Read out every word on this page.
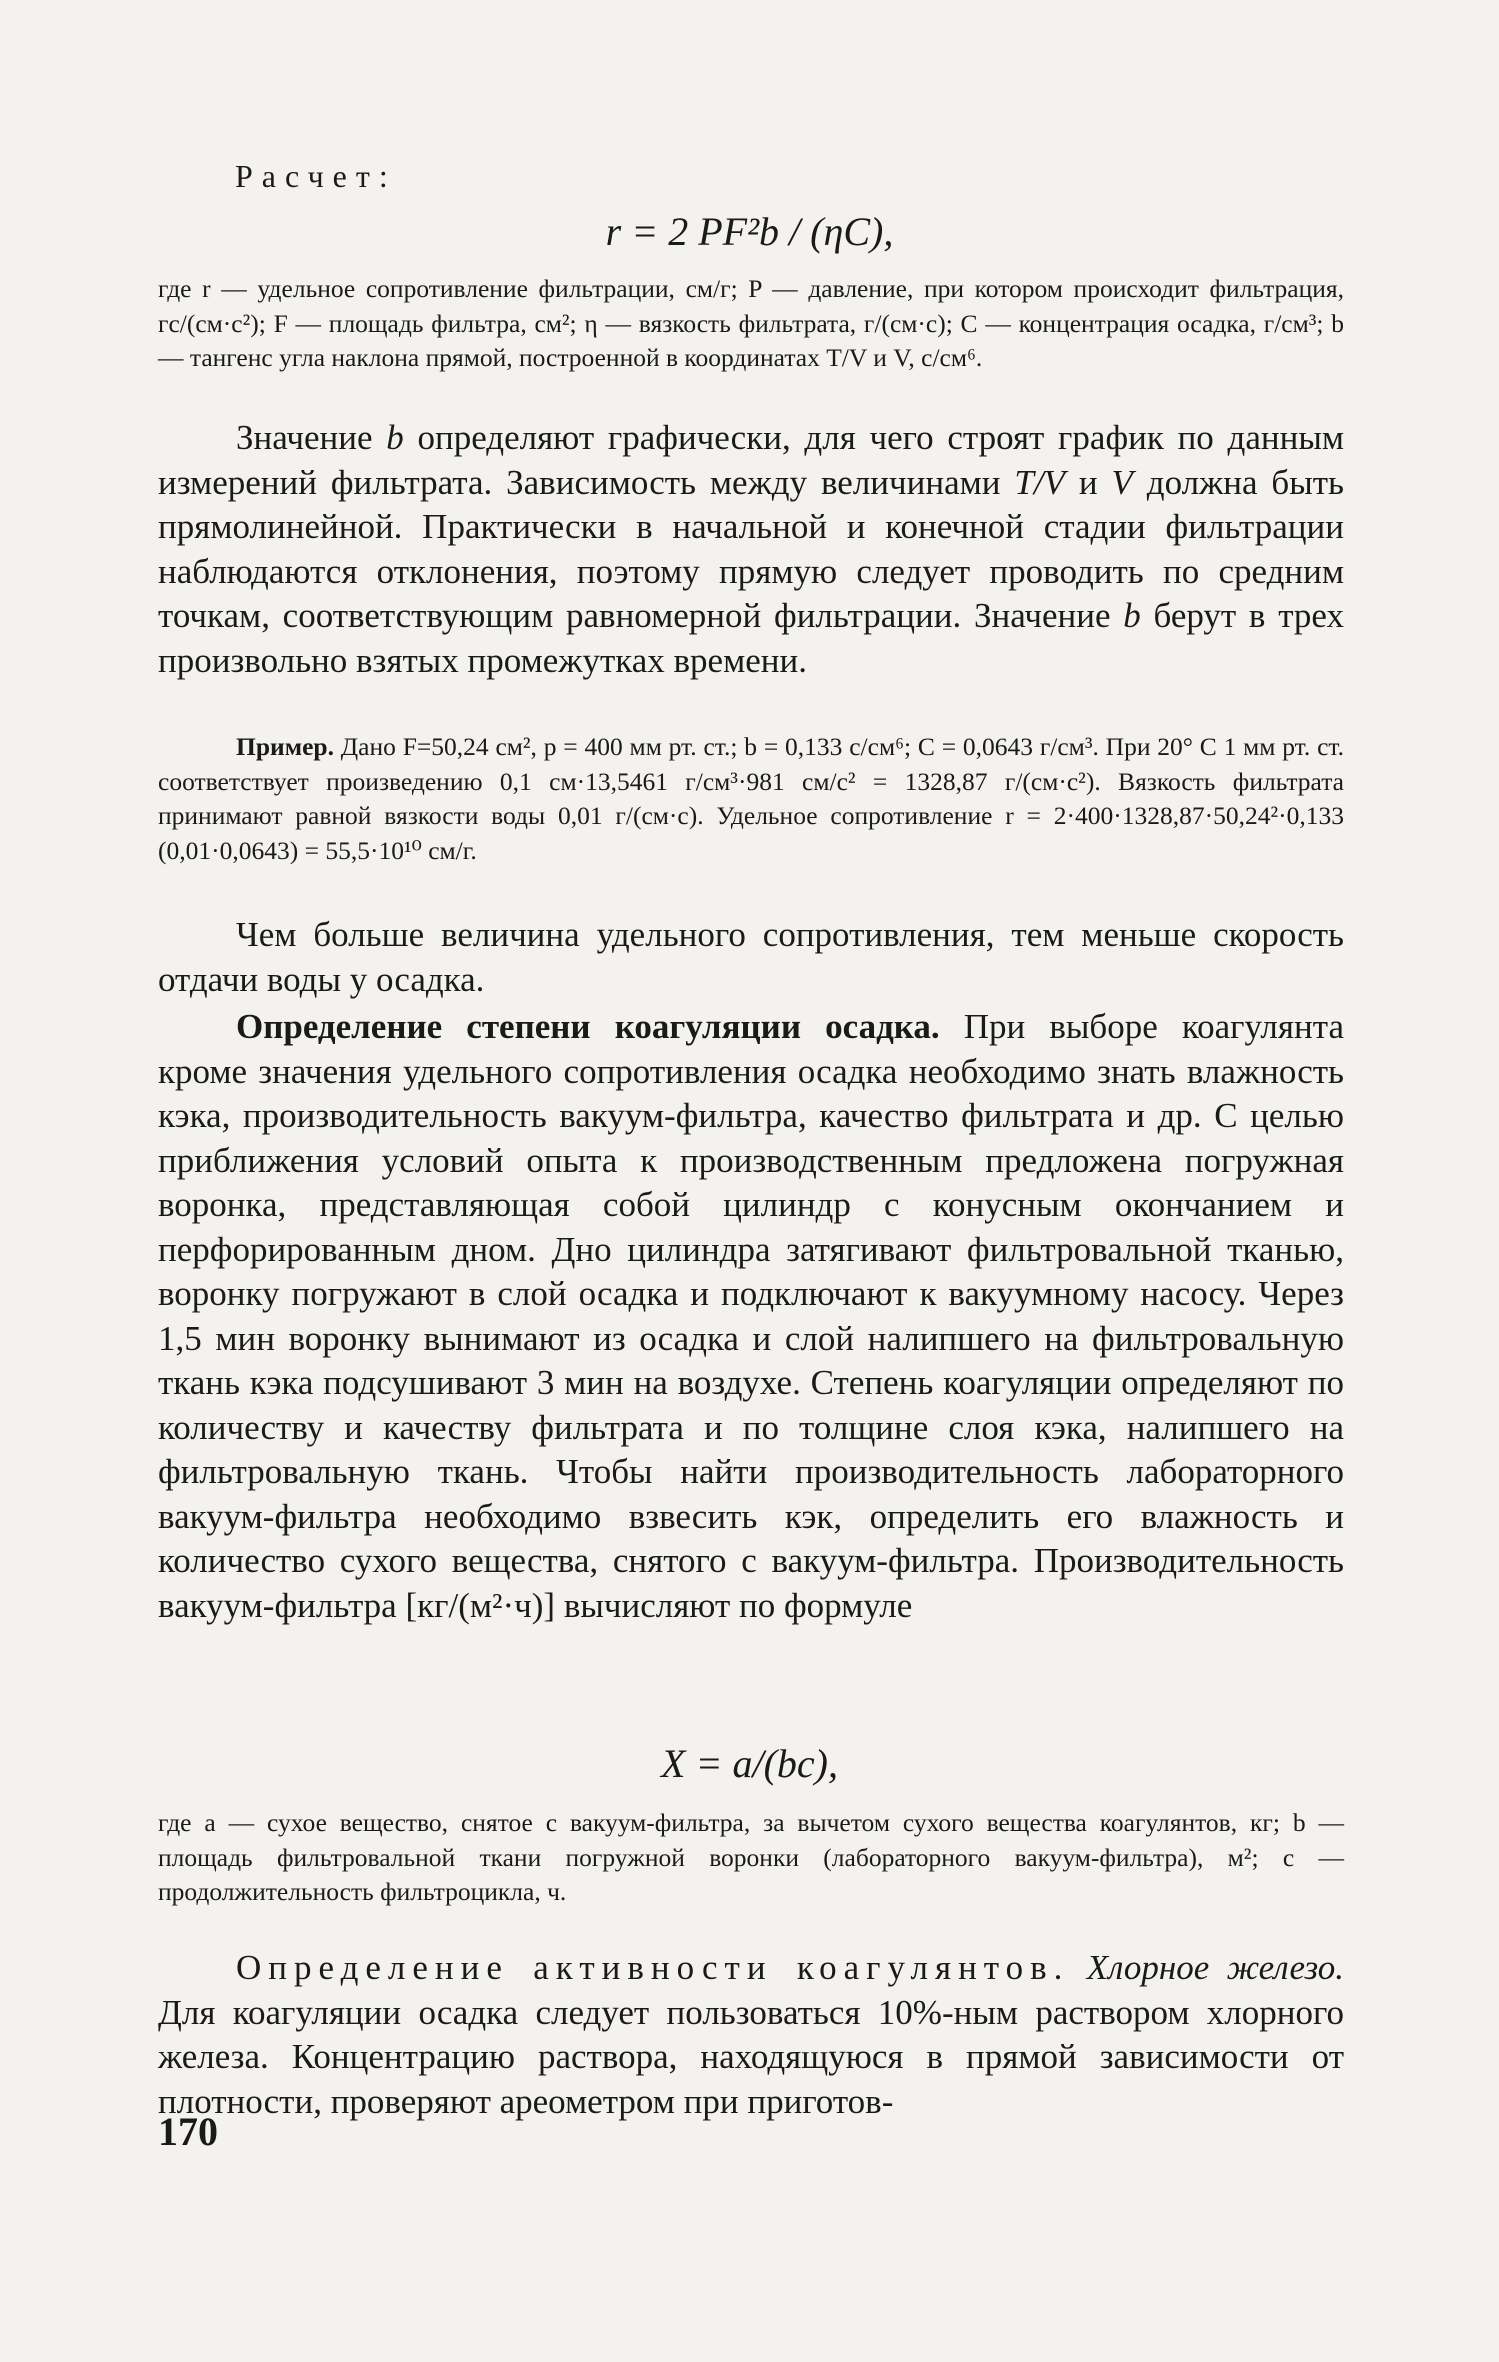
Расчет:
r = 2 PF²b / (ηC),
где r — удельное сопротивление фильтрации, см/г; P — давление, при котором происходит фильтрация, гс/(см·с²); F — площадь фильтра, см²; η — вязкость фильтрата, г/(см·с); C — концентрация осадка, г/см³; b — тангенс угла наклона прямой, построенной в координатах T/V и V, с/см⁶.
Значение b определяют графически, для чего строят график по данным измерений фильтрата. Зависимость между величинами T/V и V должна быть прямолинейной. Практически в начальной и конечной стадии фильтрации наблюдаются отклонения, поэтому прямую следует проводить по средним точкам, соответствующим равномерной фильтрации. Значение b берут в трех произвольно взятых промежутках времени.
Пример. Дано F=50,24 см², p = 400 мм рт. ст.; b = 0,133 с/см⁶; C = 0,0643 г/см³. При 20° C 1 мм рт. ст. соответствует произведению 0,1 см·13,5461 г/см³·981 см/с² = 1328,87 г/(см·с²). Вязкость фильтрата принимают равной вязкости воды 0,01 г/(см·с). Удельное сопротивление r = 2·400·1328,87·50,24²·0,133 (0,01·0,0643) = 55,5·10¹⁰ см/г.
Чем больше величина удельного сопротивления, тем меньше скорость отдачи воды у осадка.
Определение степени коагуляции осадка. При выборе коагулянта кроме значения удельного сопротивления осадка необходимо знать влажность кэка, производительность вакуум-фильтра, качество фильтрата и др. С целью приближения условий опыта к производственным предложена погружная воронка, представляющая собой цилиндр с конусным окончанием и перфорированным дном. Дно цилиндра затягивают фильтровальной тканью, воронку погружают в слой осадка и подключают к вакуумному насосу. Через 1,5 мин воронку вынимают из осадка и слой налипшего на фильтровальную ткань кэка подсушивают 3 мин на воздухе. Степень коагуляции определяют по количеству и качеству фильтрата и по толщине слоя кэка, налипшего на фильтровальную ткань. Чтобы найти производительность лабораторного вакуум-фильтра необходимо взвесить кэк, определить его влажность и количество сухого вещества, снятого с вакуум-фильтра. Производительность вакуум-фильтра [кг/(м²·ч)] вычисляют по формуле
X = a/(bc),
где a — сухое вещество, снятое с вакуум-фильтра, за вычетом сухого вещества коагулянтов, кг; b — площадь фильтровальной ткани погружной воронки (лабораторного вакуум-фильтра), м²; c — продолжительность фильтроцикла, ч.
Определение активности коагулянтов. Хлорное железо. Для коагуляции осадка следует пользоваться 10%-ным раствором хлорного железа. Концентрацию раствора, находящуюся в прямой зависимости от плотности, проверяют ареометром при приготов-
170
